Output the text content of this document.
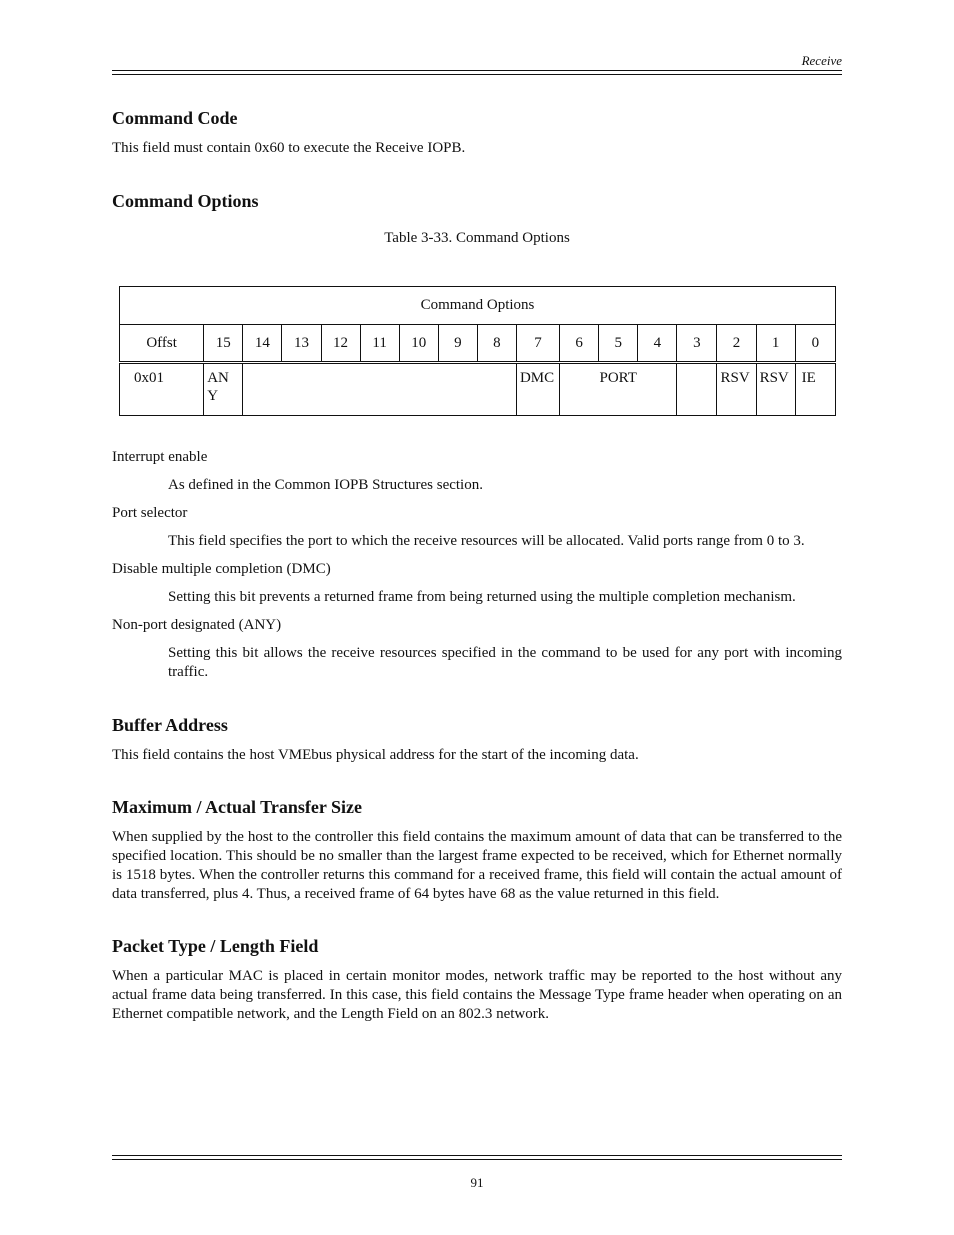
Receive
Command Code
This field must contain 0x60 to execute the Receive IOPB.
Command Options
Table 3-33. Command Options
Command Options																
Offst	15	14	13	12	11	10	9	8	7	6	5	4	3	2	1	0
0x01	AN Y								DMC	PORT				RSV	RSV	IE
Interrupt enable
As defined in the Common IOPB Structures section.
Port selector
This field specifies the port to which the receive resources will be allocated. Valid ports range from 0 to 3.
Disable multiple completion (DMC)
Setting this bit prevents a returned frame from being returned using the multiple completion mechanism.
Non-port designated (ANY)
Setting this bit allows the receive resources specified in the command to be used for any port with incoming traffic.
Buffer Address
This field contains the host VMEbus physical address for the start of the incoming data.
Maximum / Actual Transfer Size
When supplied by the host to the controller this field contains the maximum amount of data that can be transferred to the specified location. This should be no smaller than the largest frame expected to be received, which for Ethernet normally is 1518 bytes. When the controller returns this command for a received frame, this field will contain the actual amount of data transferred, plus 4. Thus, a received frame of 64 bytes have 68 as the value returned in this field.
Packet Type / Length Field
When a particular MAC is placed in certain monitor modes, network traffic may be reported to the host without any actual frame data being transferred. In this case, this field contains the Message Type frame header when operating on an Ethernet compatible network, and the Length Field on an 802.3 network.
91
